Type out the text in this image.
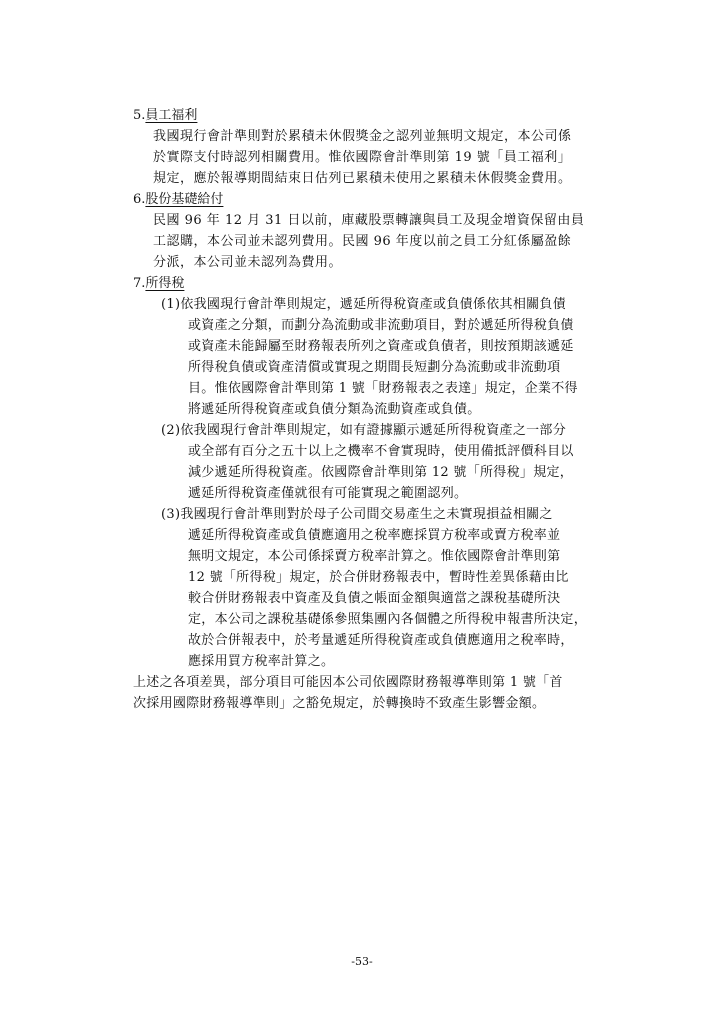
5.員工福利
我國現行會計準則對於累積未休假獎金之認列並無明文規定，本公司係
於實際支付時認列相關費用。惟依國際會計準則第 19 號「員工福利」
規定，應於報導期間結束日估列已累積未使用之累積未休假獎金費用。
6.股份基礎給付
民國 96 年 12 月 31 日以前，庫藏股票轉讓與員工及現金增資保留由員
工認購，本公司並未認列費用。民國 96 年度以前之員工分紅係屬盈餘
分派，本公司並未認列為費用。
7.所得稅
(1)依我國現行會計準則規定，遞延所得稅資產或負債係依其相關負債
或資產之分類，而劃分為流動或非流動項目，對於遞延所得稅負債
或資產未能歸屬至財務報表所列之資產或負債者，則按預期該遞延
所得稅負債或資產清償或實現之期間長短劃分為流動或非流動項
目。惟依國際會計準則第 1 號「財務報表之表達」規定，企業不得
將遞延所得稅資產或負債分類為流動資產或負債。
(2)依我國現行會計準則規定，如有證據顯示遞延所得稅資產之一部分
或全部有百分之五十以上之機率不會實現時，使用備抵評價科目以
減少遞延所得稅資產。依國際會計準則第 12 號「所得稅」規定，
遞延所得稅資產僅就很有可能實現之範圍認列。
(3)我國現行會計準則對於母子公司間交易產生之未實現損益相關之
遞延所得稅資產或負債應適用之稅率應採買方稅率或賣方稅率並
無明文規定，本公司係採賣方稅率計算之。惟依國際會計準則第
12 號「所得稅」規定，於合併財務報表中，暫時性差異係藉由比
較合併財務報表中資產及負債之帳面金額與適當之課稅基礎所決
定，本公司之課稅基礎係參照集團內各個體之所得稅申報書所決定，
故於合併報表中，於考量遞延所得稅資產或負債應適用之稅率時，
應採用買方稅率計算之。
上述之各項差異，部分項目可能因本公司依國際財務報導準則第 1 號「首
次採用國際財務報導準則」之豁免規定，於轉換時不致產生影響金額。
-53-
